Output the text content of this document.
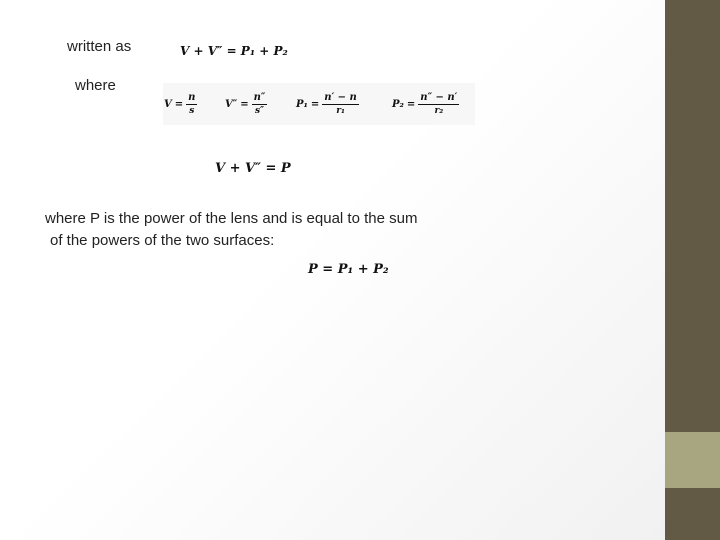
written as	V + V″ = P₁ + P₂
where
$V = \frac{n}{s}$	$V'' = \frac{n''}{s''}$	$P_1 = \frac{n' - n}{\text{r₁}}$	$P_2 = \frac{n'' - n'}{\text{r₂}}$
V + V″ = P
where P is the power of the lens and is equal to the sum
of the powers of the two surfaces:
P = P₁ + P₂
